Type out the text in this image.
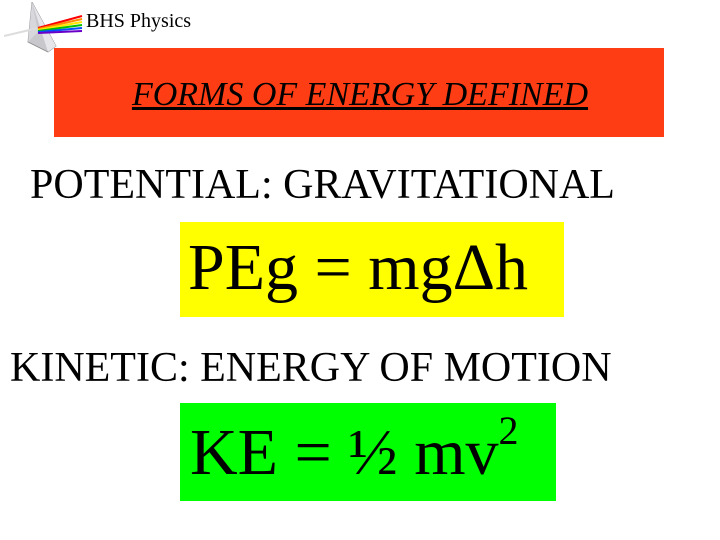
BHS Physics
FORMS OF ENERGY DEFINED
POTENTIAL: GRAVITATIONAL
PEg = mgΔh
KINETIC: ENERGY OF MOTION
KE = ½ $mv^2$
